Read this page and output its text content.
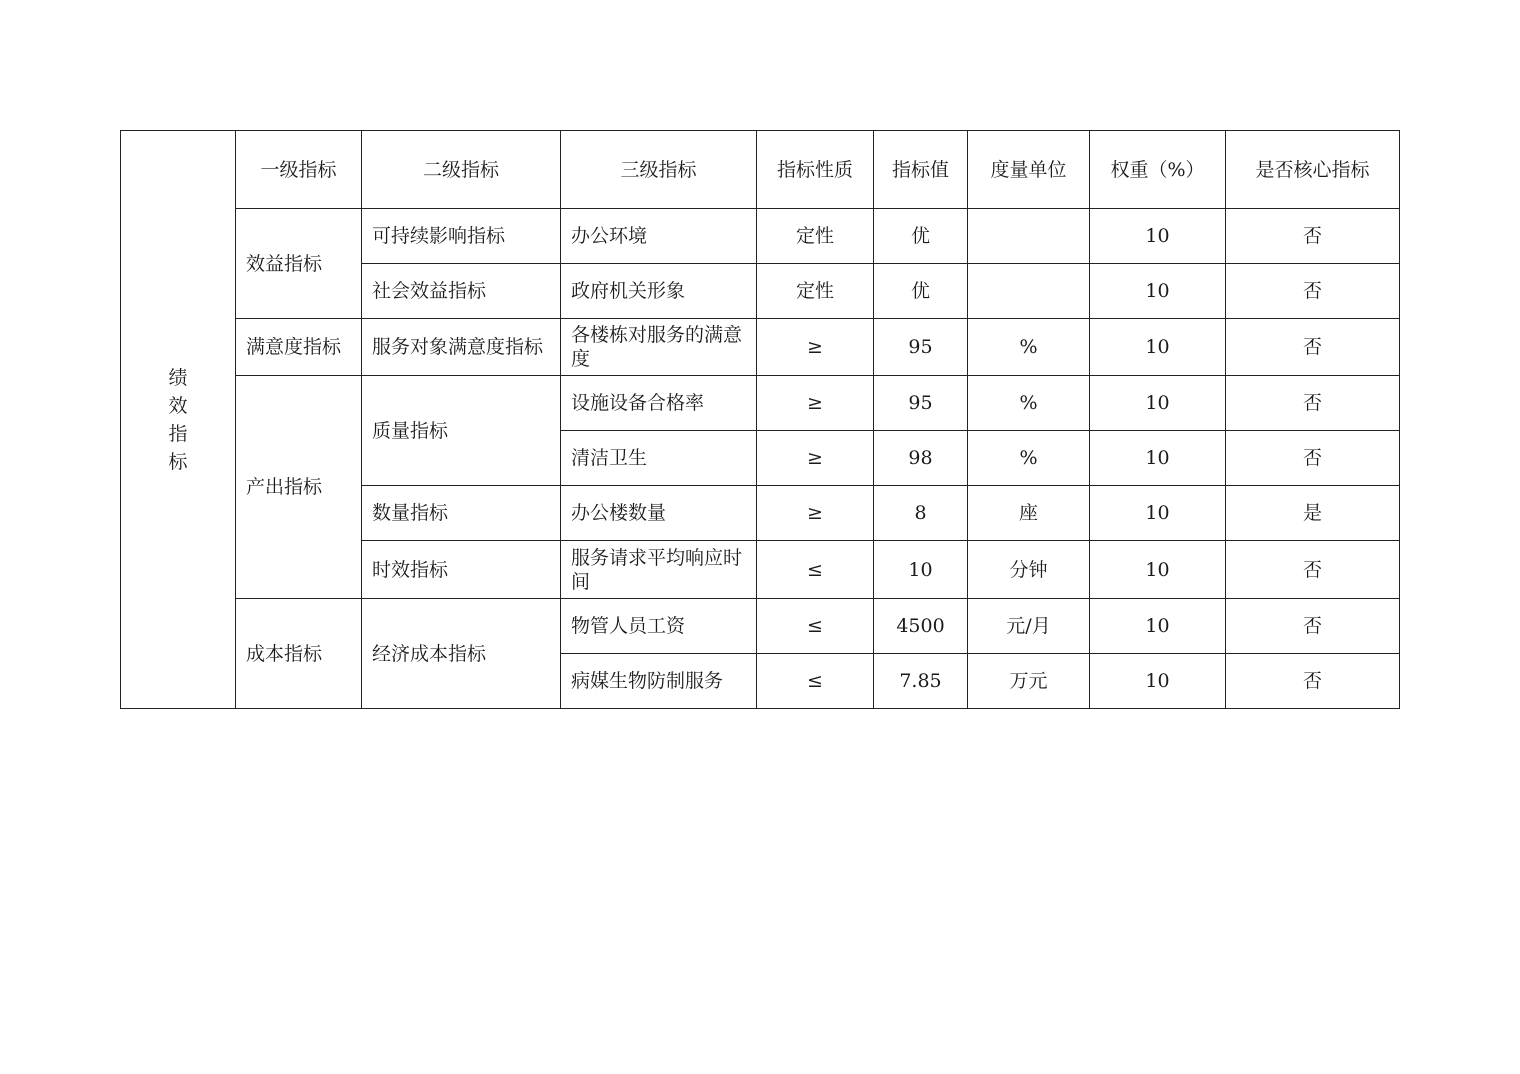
绩效指标	一级指标	二级指标	三级指标	指标性质	指标值	度量单位	权重（%）	是否核心指标
	效益指标	可持续影响指标	办公环境	定性	优		10	否
		社会效益指标	政府机关形象	定性	优		10	否
	满意度指标	服务对象满意度指标	各楼栋对服务的满意度	≥	95	%	10	否
	产出指标	质量指标	设施设备合格率	≥	95	%	10	否
			清洁卫生	≥	98	%	10	否
		数量指标	办公楼数量	≥	8	座	10	是
		时效指标	服务请求平均响应时间	≤	10	分钟	10	否
	成本指标	经济成本指标	物管人员工资	≤	4500	元/月	10	否
			病媒生物防制服务	≤	7.85	万元	10	否
